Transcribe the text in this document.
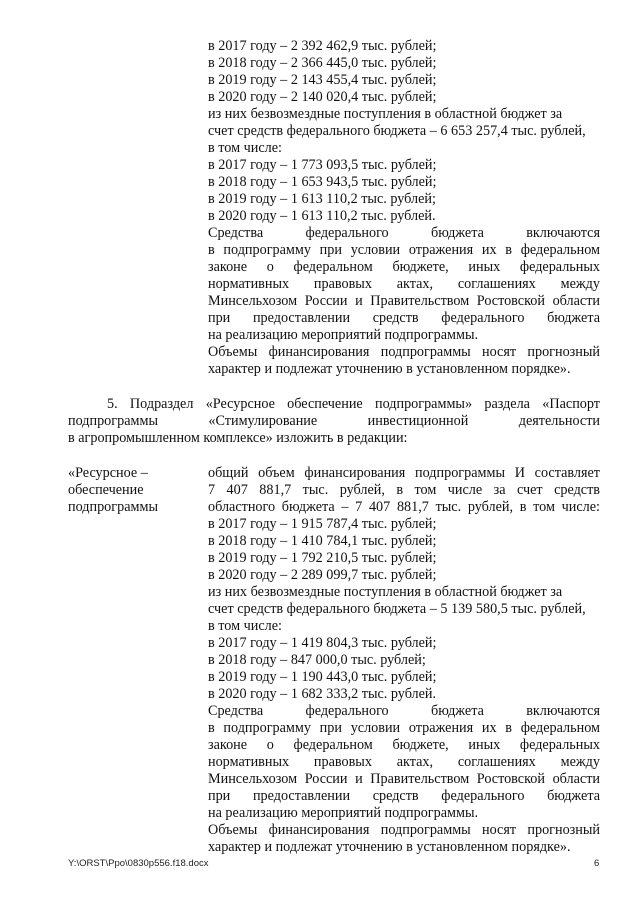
в 2017 году – 2 392 462,9 тыс. рублей;
в 2018 году – 2 366 445,0 тыс. рублей;
в 2019 году – 2 143 455,4 тыс. рублей;
в 2020 году – 2 140 020,4 тыс. рублей;
из них безвозмездные поступления в областной бюджет за
счет средств федерального бюджета – 6 653 257,4 тыс. рублей,
в том числе:
в 2017 году – 1 773 093,5 тыс. рублей;
в 2018 году – 1 653 943,5 тыс. рублей;
в 2019 году – 1 613 110,2 тыс. рублей;
в 2020 году – 1 613 110,2 тыс. рублей.
Средства федерального бюджета включаются
в подпрограмму при условии отражения их в федеральном
законе о федеральном бюджете, иных федеральных
нормативных правовых актах, соглашениях между
Минсельхозом России и Правительством Ростовской области
при предоставлении средств федерального бюджета
на реализацию мероприятий подпрограммы.
Объемы финансирования подпрограммы носят прогнозный
характер и подлежат уточнению в установленном порядке».
5. Подраздел «Ресурсное обеспечение подпрограммы» раздела «Паспорт
подпрограммы «Стимулирование инвестиционной деятельности
в агропромышленном комплексе» изложить в редакции:
«Ресурсное –
обеспечение
подпрограммы
общий объем финансирования подпрограммы И составляет
7 407 881,7 тыс. рублей, в том числе за счет средств
областного бюджета – 7 407 881,7 тыс. рублей, в том числе:
в 2017 году – 1 915 787,4 тыс. рублей;
в 2018 году – 1 410 784,1 тыс. рублей;
в 2019 году – 1 792 210,5 тыс. рублей;
в 2020 году – 2 289 099,7 тыс. рублей;
из них безвозмездные поступления в областной бюджет за
счет средств федерального бюджета – 5 139 580,5 тыс. рублей,
в том числе:
в 2017 году – 1 419 804,3 тыс. рублей;
в 2018 году – 847 000,0 тыс. рублей;
в 2019 году – 1 190 443,0 тыс. рублей;
в 2020 году – 1 682 333,2 тыс. рублей.
Средства федерального бюджета включаются
в подпрограмму при условии отражения их в федеральном
законе о федеральном бюджете, иных федеральных
нормативных правовых актах, соглашениях между
Минсельхозом России и Правительством Ростовской области
при предоставлении средств федерального бюджета
на реализацию мероприятий подпрограммы.
Объемы финансирования подпрограммы носят прогнозный
характер и подлежат уточнению в установленном порядке».
Y:\ORST\Ppo\0830p556.f18.docx	6
